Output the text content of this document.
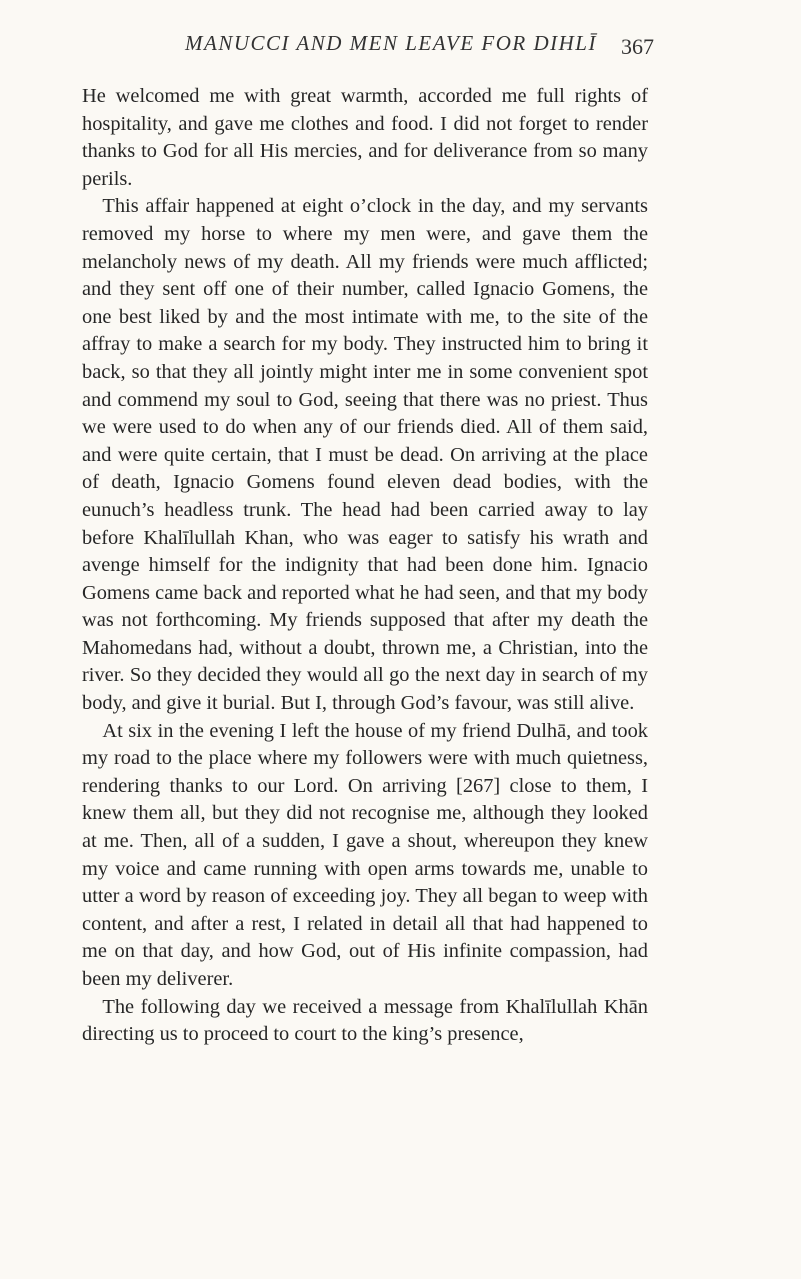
MANUCCI AND MEN LEAVE FOR DIHLĪ	367

He welcomed me with great warmth, accorded me full rights of hospitality, and gave me clothes and food. I did not forget to render thanks to God for all His mercies, and for deliverance from so many perils.

This affair happened at eight o’clock in the day, and my servants removed my horse to where my men were, and gave them the melancholy news of my death. All my friends were much afflicted; and they sent off one of their number, called Ignacio Gomens, the one best liked by and the most intimate with me, to the site of the affray to make a search for my body. They instructed him to bring it back, so that they all jointly might inter me in some convenient spot and commend my soul to God, seeing that there was no priest. Thus we were used to do when any of our friends died. All of them said, and were quite certain, that I must be dead. On arriving at the place of death, Ignacio Gomens found eleven dead bodies, with the eunuch’s headless trunk. The head had been carried away to lay before Khalīlullah Khan, who was eager to satisfy his wrath and avenge himself for the indignity that had been done him. Ignacio Gomens came back and reported what he had seen, and that my body was not forthcoming. My friends supposed that after my death the Mahomedans had, without a doubt, thrown me, a Christian, into the river. So they decided they would all go the next day in search of my body, and give it burial. But I, through God’s favour, was still alive.

At six in the evening I left the house of my friend Dulhā, and took my road to the place where my followers were with much quietness, rendering thanks to our Lord. On arriving [267] close to them, I knew them all, but they did not recognise me, although they looked at me. Then, all of a sudden, I gave a shout, whereupon they knew my voice and came running with open arms towards me, unable to utter a word by reason of exceeding joy. They all began to weep with content, and after a rest, I related in detail all that had happened to me on that day, and how God, out of His infinite compassion, had been my deliverer.

The following day we received a message from Khalīlullah Khān directing us to proceed to court to the king’s presence,
